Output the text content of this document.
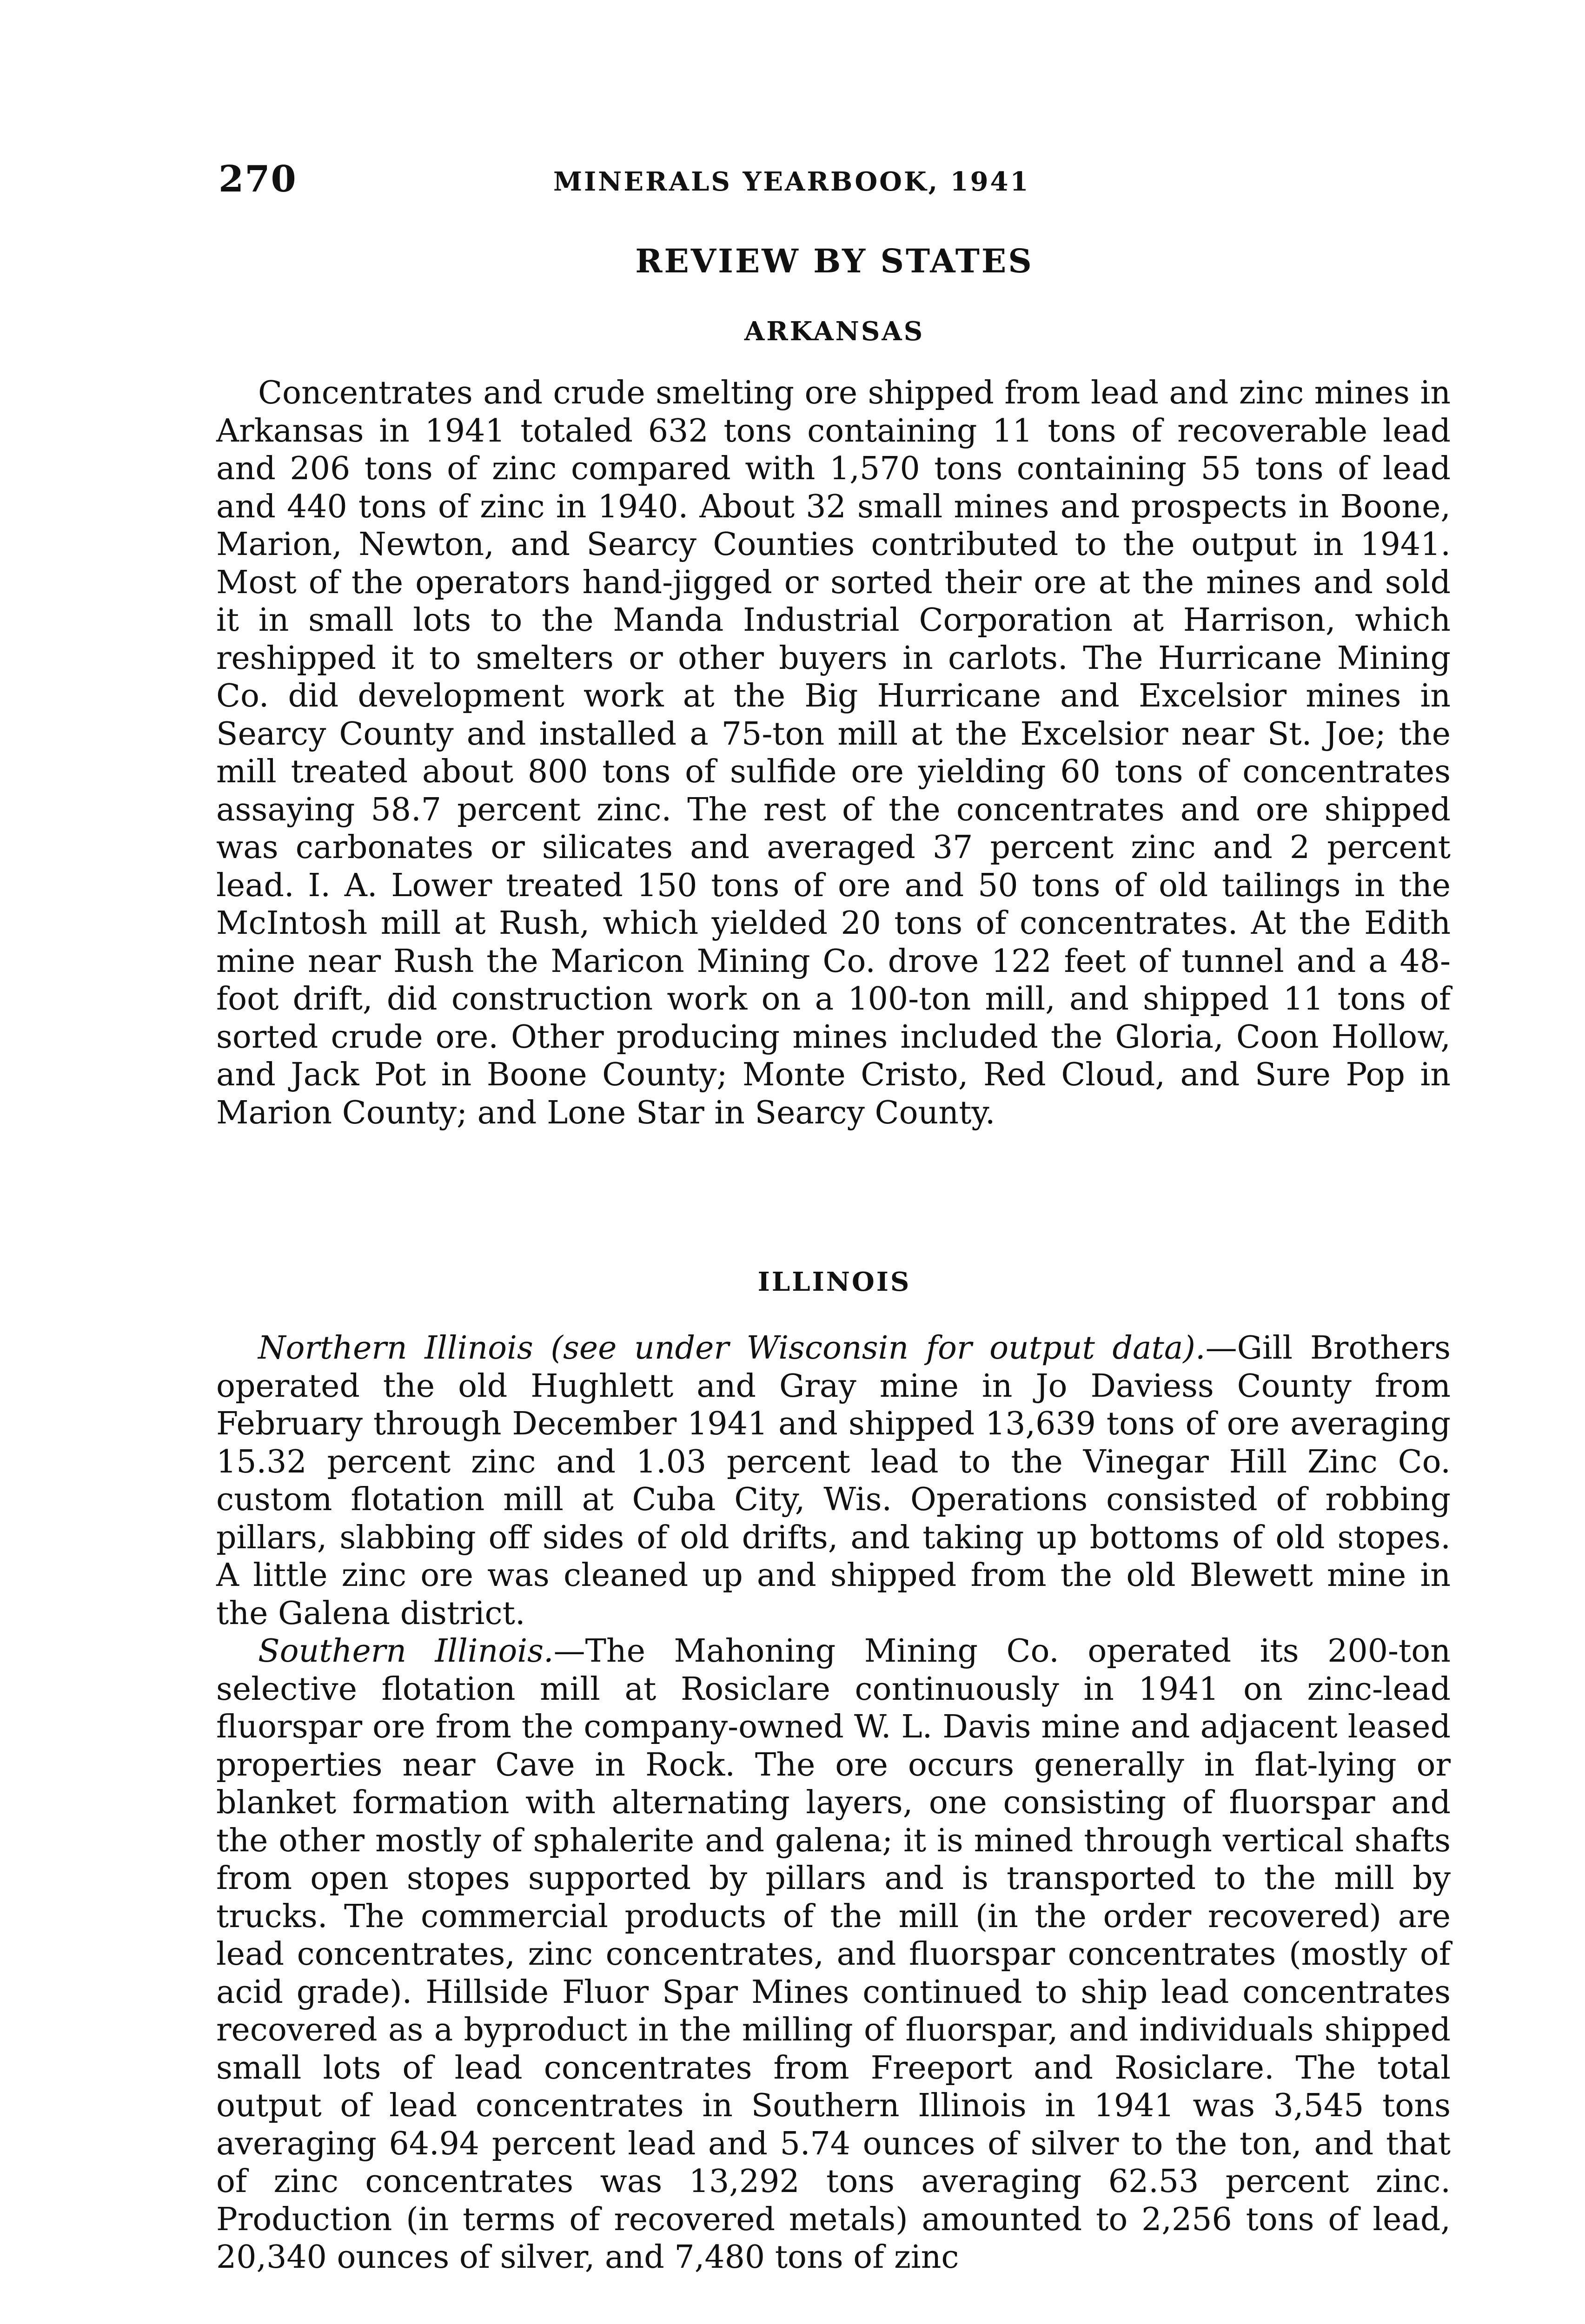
270	MINERALS YEARBOOK, 1941
REVIEW BY STATES
ARKANSAS

Concentrates and crude smelting ore shipped from lead and zinc mines in Arkansas in 1941 totaled 632 tons containing 11 tons of recoverable lead and 206 tons of zinc compared with 1,570 tons containing 55 tons of lead and 440 tons of zinc in 1940. About 32 small mines and prospects in Boone, Marion, Newton, and Searcy Counties contributed to the output in 1941. Most of the operators hand-jigged or sorted their ore at the mines and sold it in small lots to the Manda Industrial Corporation at Harrison, which reshipped it to smelters or other buyers in carlots. The Hurricane Mining Co. did development work at the Big Hurricane and Excelsior mines in Searcy County and installed a 75-ton mill at the Excelsior near St. Joe; the mill treated about 800 tons of sulfide ore yielding 60 tons of concentrates assaying 58.7 percent zinc. The rest of the concentrates and ore shipped was carbonates or silicates and averaged 37 percent zinc and 2 percent lead. I. A. Lower treated 150 tons of ore and 50 tons of old tailings in the McIntosh mill at Rush, which yielded 20 tons of concentrates. At the Edith mine near Rush the Maricon Mining Co. drove 122 feet of tunnel and a 48-foot drift, did construction work on a 100-ton mill, and shipped 11 tons of sorted crude ore. Other producing mines included the Gloria, Coon Hollow, and Jack Pot in Boone County; Monte Cristo, Red Cloud, and Sure Pop in Marion County; and Lone Star in Searcy County.

ILLINOIS

Northern Illinois (see under Wisconsin for output data).—Gill Brothers operated the old Hughlett and Gray mine in Jo Daviess County from February through December 1941 and shipped 13,639 tons of ore averaging 15.32 percent zinc and 1.03 percent lead to the Vinegar Hill Zinc Co. custom flotation mill at Cuba City, Wis. Operations consisted of robbing pillars, slabbing off sides of old drifts, and taking up bottoms of old stopes. A little zinc ore was cleaned up and shipped from the old Blewett mine in the Galena district.

Southern Illinois.—The Mahoning Mining Co. operated its 200-ton selective flotation mill at Rosiclare continuously in 1941 on zinc-lead fluorspar ore from the company-owned W. L. Davis mine and adjacent leased properties near Cave in Rock. The ore occurs generally in flat-lying or blanket formation with alternating layers, one consisting of fluorspar and the other mostly of sphalerite and galena; it is mined through vertical shafts from open stopes supported by pillars and is transported to the mill by trucks. The commercial products of the mill (in the order recovered) are lead concentrates, zinc concentrates, and fluorspar concentrates (mostly of acid grade). Hillside Fluor Spar Mines continued to ship lead concentrates recovered as a byproduct in the milling of fluorspar, and individuals shipped small lots of lead concentrates from Freeport and Rosiclare. The total output of lead concentrates in Southern Illinois in 1941 was 3,545 tons averaging 64.94 percent lead and 5.74 ounces of silver to the ton, and that of zinc concentrates was 13,292 tons averaging 62.53 percent zinc. Production (in terms of recovered metals) amounted to 2,256 tons of lead, 20,340 ounces of silver, and 7,480 tons of zinc
